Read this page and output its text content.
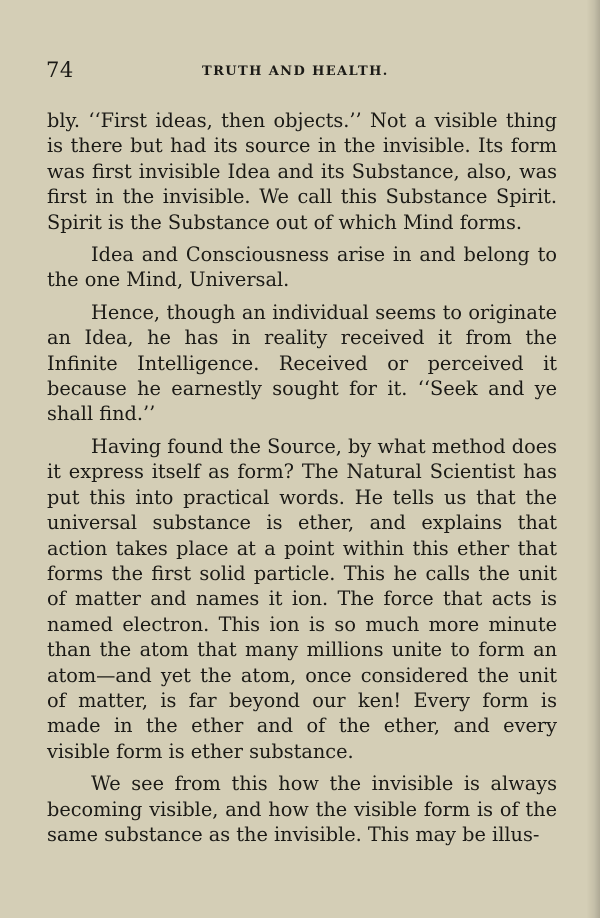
74	TRUTH AND HEALTH.

bly. ‘‘First ideas, then objects.’’ Not a visible thing is there but had its source in the invisible. Its form was first invisible Idea and its Substance, also, was first in the invisible. We call this Substance Spirit. Spirit is the Substance out of which Mind forms.

Idea and Consciousness arise in and belong to the one Mind, Universal.

Hence, though an individual seems to originate an Idea, he has in reality received it from the Infinite Intelligence. Received or perceived it because he earnestly sought for it. ‘‘Seek and ye shall find.’’

Having found the Source, by what method does it express itself as form? The Natural Scientist has put this into practical words. He tells us that the universal substance is ether, and explains that action takes place at a point within this ether that forms the first solid particle. This he calls the unit of matter and names it ion. The force that acts is named electron. This ion is so much more minute than the atom that many millions unite to form an atom—and yet the atom, once considered the unit of matter, is far beyond our ken! Every form is made in the ether and of the ether, and every visible form is ether substance.

We see from this how the invisible is always becoming visible, and how the visible form is of the same substance as the invisible. This may be illus-
